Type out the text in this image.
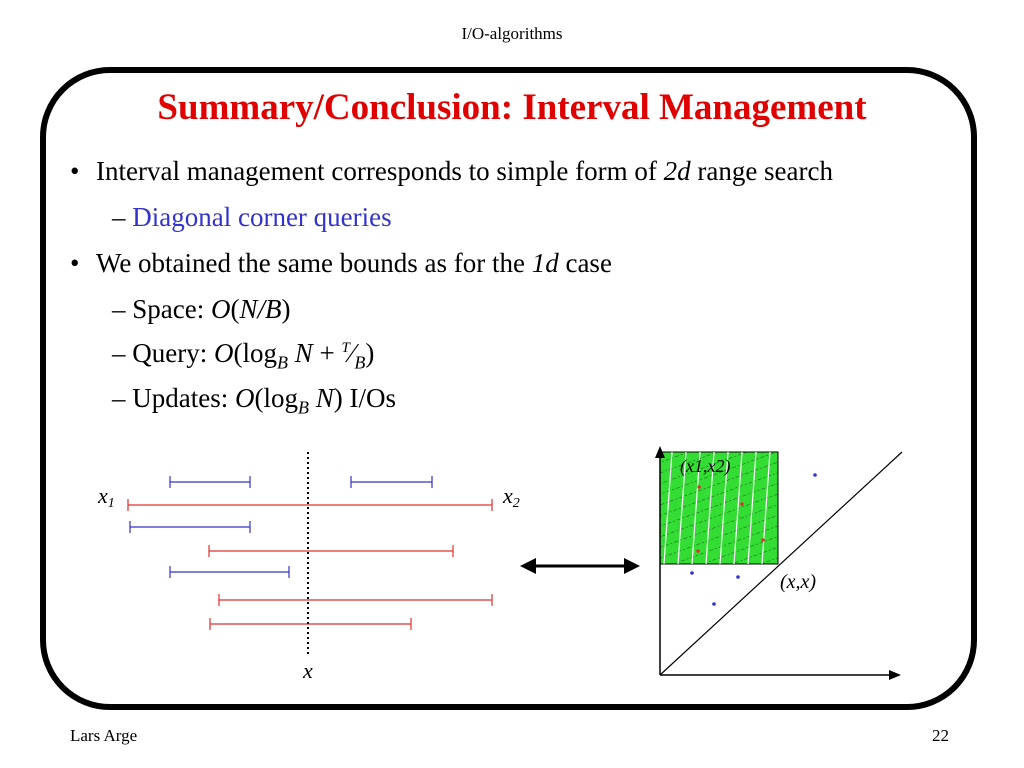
I/O-algorithms
Summary/Conclusion: Interval Management
• Interval management corresponds to simple form of 2d range search
– Diagonal corner queries
• We obtained the same bounds as for the 1d case
– Space: O(N/B)
– Query: $O(\log_B$ $N + ^T⁄_B$)
– Updates: $O(\log_B$ N) I/Os
x1	x2
x
(x1,x2)
(x,x)
Lars Arge	22
